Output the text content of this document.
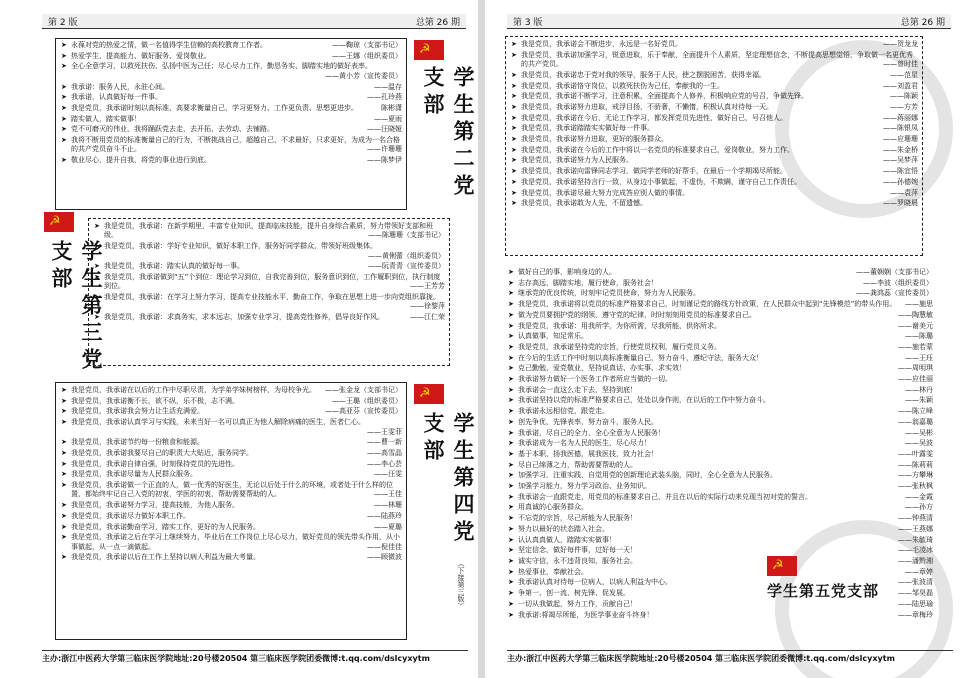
第 2 版	总第 26 期
➤ 永葆对党的热爱之情，做一名值得学生信赖的高校教育工作者。	——鞠琼（支部书记）
➤ 热爱学生、提高能力、做好服务、爱岗敬业。	——王娜（组织委员）
➤ 全心全意学习，以救死扶伤、弘扬中医为己任；尽心尽力工作，勤恳务实、脚踏实地的做好表率。
——黄小芳（宣传委员）
➤ 我承诺：服务人民，永驻心间。	——温存
➤ 我承诺，认真做好每一件事。	——孔玲燕
➤ 我是党员，我承诺时刻以高标准、高要求衡量自己，学习更努力、工作更负责、思想更进步。	陈彬潇
➤ 踏实做人，踏实做事！	——夏雨
➤ 党不可磨灭的伟业，我将踊跃党去走，去开拓、去劳动、去铺路。	——汪晓娅
➤ 我将不断用党员的标准衡量自己的行为，不断挑战自己，超越自己，不求最好，只求更好，为成为一名合格的共产党员奋斗不止。	——许珊珊
➤ 敬业尽心，提升自我，将党的事业进行到底。	——陈梦伊
☭
学生第二党支部
☭
学生第三党支部
➤ 我是党员，我承诺：在新学期里，丰富专业知识，提高临床技能，提升自身综合素质，努力带领好支部和班级。	——陈珊珊（支部书记）
➤ 我是党员，我承诺：学好专业知识，做好本职工作，服务好同学群众，带领好班级集体。
——黄俐蕾（组织委员）
➤ 我是党员，我承诺：踏实认真的做好每一事。	——阮青青（宣传委员）
➤ 我是党员，我承诺做到“五”个到位：理论学习到位，自我完善到位，服务意识到位，工作履职到位，执行制度到位。	——王芳芳
➤ 我是党员，我承诺：在学习上努力学习，提高专业技能水平，勤奋工作，争取在思想上进一步向党组织靠拢。
——徐黎萍
➤ 我是党员，我承诺：求真务实，求本远志，加强专业学习，提高党性修养，倡导良好作风。	——江仁荣
➤ 我是党员，我承诺在以后的工作中尽职尽责，为学弟学妹树榜样，为母校争光。	——张金龙（支部书记）
➤ 我是党员，我承诺衡不长，欲不纵，乐不极，志不满。	——王璐（组织委员）
➤ 我是党员，我承诺我会努力让生活充满爱。	——高亚芬（宣传委员）
➤ 我是党员，我承诺认真学习与实践，未来当好一名可以真正为他人解除病痛的医生，医者仁心。
——王雯菲
➤ 我是党员，我承诺节约每一份粮食和能源。	——曹一新
➤ 我是党员，我承诺我要尽自己的职责大大贴近，服务同学。	——高雪晶
➤ 我是党员，我承诺自律自强，时刻保持党员的先进性。	——李心芸
➤ 我是党员，我承诺尽量为人民群众服务。	——汪雯
➤ 我是党员，我承诺做一个正直的人，做一优秀的好医生，无论以后处于什么的环境，或者处于什么样的位置，都始终牢记自己入党的初衷，学医的初衷，帮助需要帮助的人。	——王佳
➤ 我是党员，我承诺努力学习，提高技能，为他人服务。	——林珊
➤ 我是党员，我承诺尽力做好本职工作。	——陆燕玲
➤ 我是党员，我承诺勤奋学习，踏实工作，更好的为人民服务。	——夏璐
➤ 我是党员，我承诺之后在学习上继续努力，毕业后在工作岗位上尽心尽力，做好党员的领先带头作用，从小事做起，从一点一滴做起。	——倪佳佳
➤ 我是党员，我承诺以后在工作上坚持以病人利益为最大考量。	——顾微波
☭
学生第四党支部
（下接第三版）
主办:浙江中医药大学第三临床医学院地址:20号楼20504 第三临床医学院团委微博:t.qq.com/dslcyxytm
第 3 版	总第 26 期
➤ 我是党员，我承诺会不断进步，永远是一名好党员。	——贺龙龙
➤ 我是党员，我承诺加强学习，锐意进取，乐于奉献，全面提升个人素质，坚定理想信念，不断提高思想觉悟，争取做一名更优秀的共产党员。	——曾时佳
➤ 我是党员，我承诺忠于党对我的领导，服务于人民，使之摆脱困苦，获得幸福。	——范星
➤ 我是党员，我承诺恪守岗位，以救死扶伤为己任，奉献我的一生。	——刘盈君
➤ 我是党员，我承诺不断学习，注意积累，全面提高个人修养，积极响应党的号召，争做先锋。	——陈颖
➤ 我是党员，我承诺努力进取，戒浮目扬，不骄奢，不懒惰，积极认真对待每一天。	——方芳
➤ 我是党员，我承诺在今后，无论工作学习，都发挥党员先进性，做好自己，号召他人。	——蒋丽娜
➤ 我是党员，我承诺踏踏实实做好每一件事。	——陈银凤
➤ 我是党员，我承诺努力进取，更好的服务群众。	——应珊珊
➤ 我是党员，我承诺在今后的工作中将以一名党员的标准要求自己，爱岗敬业，努力工作。	——朱金桥
➤ 我是党员，我承诺努力为人民服务。	——吴梦萍
➤ 我是党员，我承诺向雷锋同志学习，做同学老师的好帮手，在最后一个学期竭尽所能。	——陈宜悟
➤ 我是党员，我承诺坚持言行一致，从身边小事做起，不虚伪，不欺瞒，谨守自己工作责任。	——孙德婉
➤ 我是党员，我承诺尽最大努力完成答应别人做的事情。	——袁萍
➤ 我是党员，我承诺敢为人先，不留遗憾。	——罗晓晨
➤ 做好自己的事，影响身边的人。	——董娴娴（支部书记）
➤ 志存高远，脚踏实地，履行使命，服务社会！	——李波（组织委员）
➤ 继承党的优良传统，时刻牢记党员使命，努力为人民服务。	——龚鸿蕊（宣传委员）
➤ 我是党员，我承诺将以党员的标准严格要求自己，时刻谨记党的路线方针政策，在人民群众中起到“先锋模范”的带头作用。	——施思
➤ 做为党员要拥护党的纲领，遵守党的纪律，时时刻刻用党员的标准要求自己。	——陶慧敏
➤ 我是党员，我承诺：用我所学，为你所需，尽我所能，供你所求。	——谢美元
➤ 认真做事，知足常乐。	——陈璐
➤ 我是党员，我承诺坚持党的宗旨，行使党员权利，履行党员义务。	——施若蒙
➤ 在今后的生活工作中时刻以高标准衡量自己，努力奋斗，遵纪守法，服务大众！	——王珏
➤ 克己勤勉，爱党敬业，坚持说真话、办实事、求实效！	——周明琪
➤ 我承诺努力做好一个医务工作者所应当做的一切。	——应佳丽
➤ 我承诺会一直这么走下去，坚持到底！	——林丹
➤ 我承诺坚持以党的标准严格要求自己，处处以身作则，在以后的工作中努力奋斗。	——朱颖
➤ 我承诺永远相信党，跟党走。	——陈立峰
➤ 创先争优，先锋表率，努力奋斗，服务人民。	——翁嘉璐
➤ 我承诺，尽自己的全力，全心全意为人民服务！	——吴彬
➤ 我承诺成为一名为人民的医生，尽心尽力！	——吴波
➤ 基于本职，扬我医德，展我医技，致力社会！	——叶露雯
➤ 尽自己绵薄之力，帮助需要帮助的人。	——陈莉莉
➤ 加强学习，注重实践，自觉用党的创新理论武装头脑，同时，全心全意为人民服务。	——方攀琳
➤ 加强学习能力，努力学习政治、业务知识。	——张秋枫
➤ 我承诺会一直跟党走，用党员的标准要求自己，并且在以后的实际行动来兑现当初对党的誓言。	——金霞
➤ 用真诚的心服务群众。	——孙方
➤ 不忘党的宗旨，尽己所能为人民服务！	——钟燕清
➤ 努力以最好的状态踏入社会。	——王燕娜
➤ 认认真真做人，踏踏实实做事！	——朱毓琦
➤ 坚定信念，做好每件事，过好每一天！	——毛凌冰
➤ 诚实守信，永不违背良知，服务社会。	——潘黔湘
➤ 热爱事业，奉献社会。	——章婷
➤ 我承诺认真对待每一位病人，以病人利益为中心。	——张波清
➤ 争第一、创一流、树先锋、促发展。	——邹昊磊
➤ 一切从我做起，努力工作，贡献自己！	——陆思瑜
➤ 我承诺:将竭尽所能，为医学事业奋斗终身！	——章梅玲
☭
学生第五党支部
主办:浙江中医药大学第三临床医学院地址:20号楼20504 第三临床医学院团委微博:t.qq.com/dslcyxytm
